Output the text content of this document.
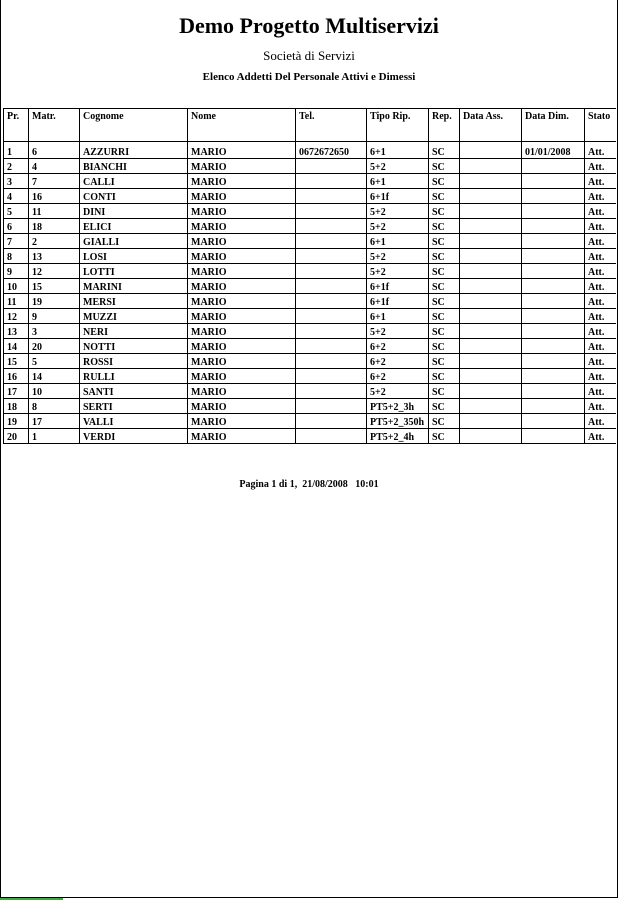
Demo Progetto Multiservizi
Società di Servizi
Elenco Addetti Del Personale Attivi e Dimessi
Pr.	Matr.	Cognome	Nome	Tel.	Tipo Rip.	Rep.	Data Ass.	Data Dim.	Stato
1	6	AZZURRI	MARIO	0672672650	6+1	SC		01/01/2008	Att.
2	4	BIANCHI	MARIO		5+2	SC			Att.
3	7	CALLI	MARIO		6+1	SC			Att.
4	16	CONTI	MARIO		6+1f	SC			Att.
5	11	DINI	MARIO		5+2	SC			Att.
6	18	ELICI	MARIO		5+2	SC			Att.
7	2	GIALLI	MARIO		6+1	SC			Att.
8	13	LOSI	MARIO		5+2	SC			Att.
9	12	LOTTI	MARIO		5+2	SC			Att.
10	15	MARINI	MARIO		6+1f	SC			Att.
11	19	MERSI	MARIO		6+1f	SC			Att.
12	9	MUZZI	MARIO		6+1	SC			Att.
13	3	NERI	MARIO		5+2	SC			Att.
14	20	NOTTI	MARIO		6+2	SC			Att.
15	5	ROSSI	MARIO		6+2	SC			Att.
16	14	RULLI	MARIO		6+2	SC			Att.
17	10	SANTI	MARIO		5+2	SC			Att.
18	8	SERTI	MARIO		PT5+2_3h	SC			Att.
19	17	VALLI	MARIO		PT5+2_350h	SC			Att.
20	1	VERDI	MARIO		PT5+2_4h	SC			Att.
Pagina 1 di 1,  21/08/2008   10:01
